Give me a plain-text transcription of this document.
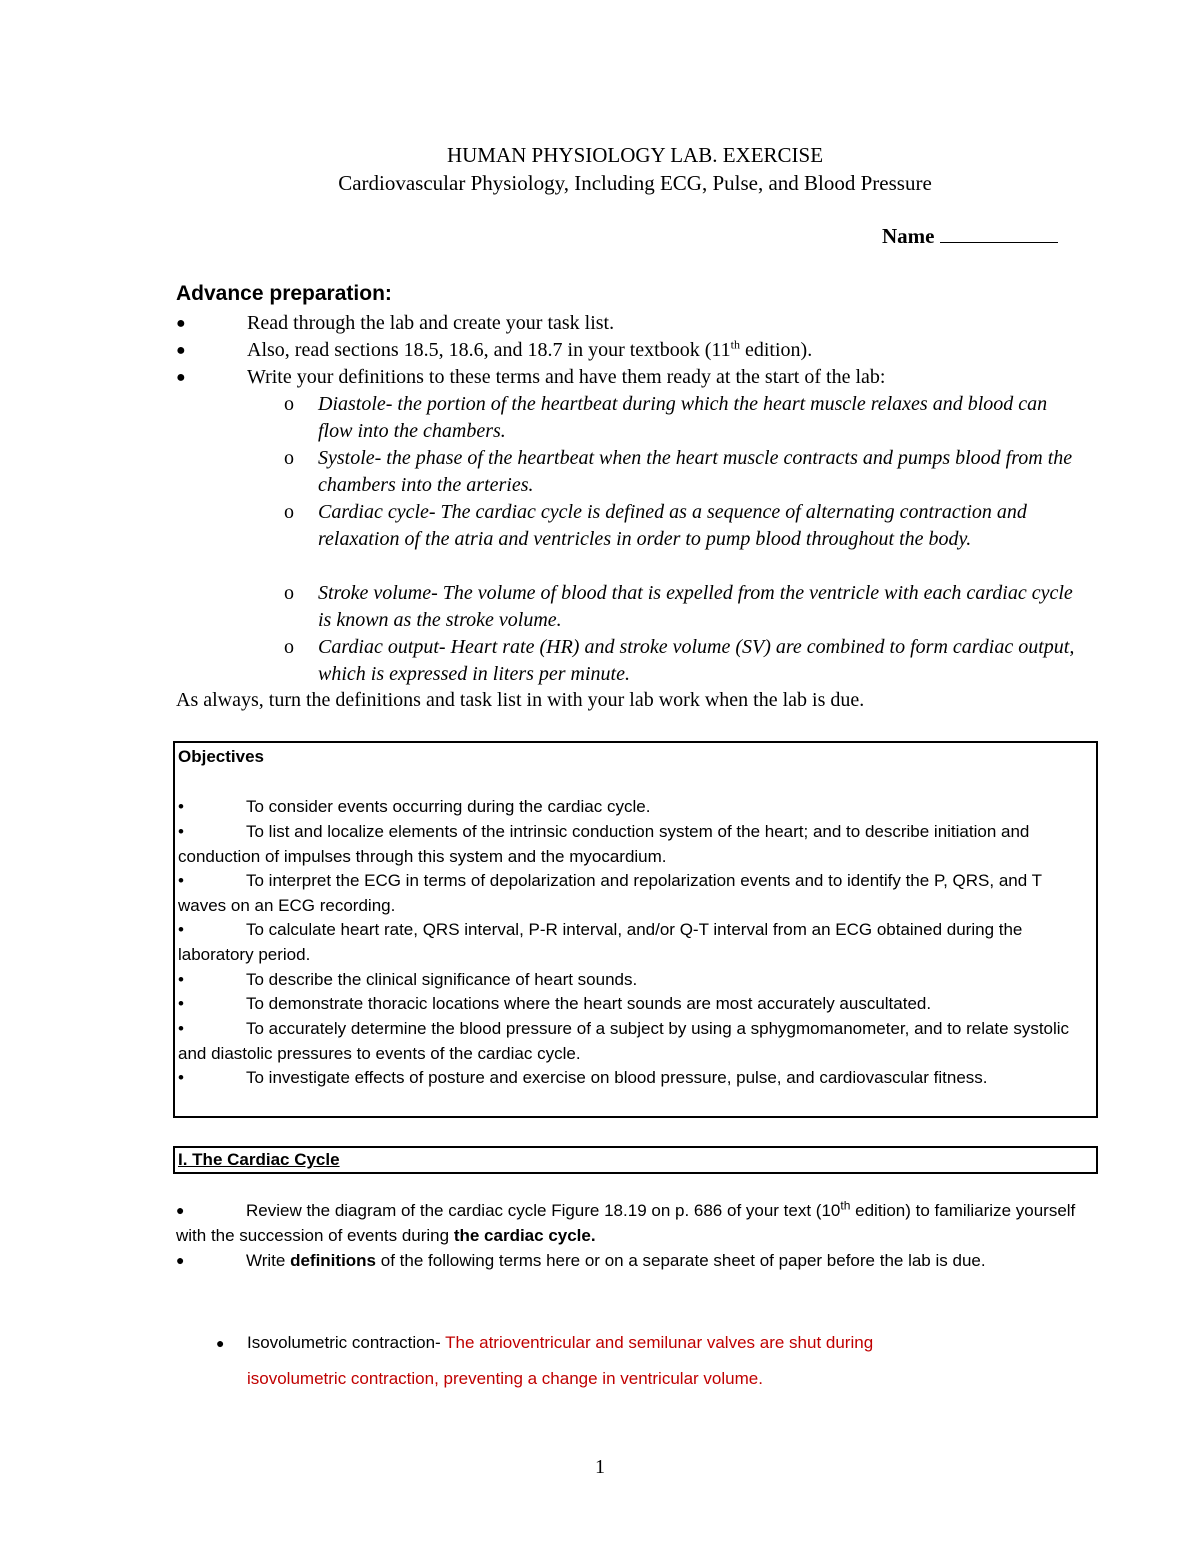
HUMAN PHYSIOLOGY LAB. EXERCISE
Cardiovascular Physiology, Including ECG, Pulse, and Blood Pressure
Name
Advance preparation:
●	Read through the lab and create your task list.
●	Also, read sections 18.5, 18.6, and 18.7 in your textbook (11th edition).
●	Write your definitions to these terms and have them ready at the start of the lab:
o Diastole- the portion of the heartbeat during which the heart muscle relaxes and blood can flow into the chambers.
o Systole- the phase of the heartbeat when the heart muscle contracts and pumps blood from the chambers into the arteries.
o Cardiac cycle- The cardiac cycle is defined as a sequence of alternating contraction and relaxation of the atria and ventricles in order to pump blood throughout the body.
o Stroke volume- The volume of blood that is expelled from the ventricle with each cardiac cycle is known as the stroke volume.
o Cardiac output- Heart rate (HR) and stroke volume (SV) are combined to form cardiac output, which is expressed in liters per minute.
As always, turn the definitions and task list in with your lab work when the lab is due.
Objectives
•	To consider events occurring during the cardiac cycle.
•	To list and localize elements of the intrinsic conduction system of the heart; and to describe initiation and conduction of impulses through this system and the myocardium.
•	To interpret the ECG in terms of depolarization and repolarization events and to identify the P, QRS, and T waves on an ECG recording.
•	To calculate heart rate, QRS interval, P-R interval, and/or Q-T interval from an ECG obtained during the laboratory period.
•	To describe the clinical significance of heart sounds.
•	To demonstrate thoracic locations where the heart sounds are most accurately auscultated.
•	To accurately determine the blood pressure of a subject by using a sphygmomanometer, and to relate systolic and diastolic pressures to events of the cardiac cycle.
•	To investigate effects of posture and exercise on blood pressure, pulse, and cardiovascular fitness.
I. The Cardiac Cycle
●	Review the diagram of the cardiac cycle Figure 18.19 on p. 686 of your text (10th edition) to familiarize yourself with the succession of events during the cardiac cycle.
●	Write definitions of the following terms here or on a separate sheet of paper before the lab is due.
● Isovolumetric contraction- The atrioventricular and semilunar valves are shut during
isovolumetric contraction, preventing a change in ventricular volume.
1
